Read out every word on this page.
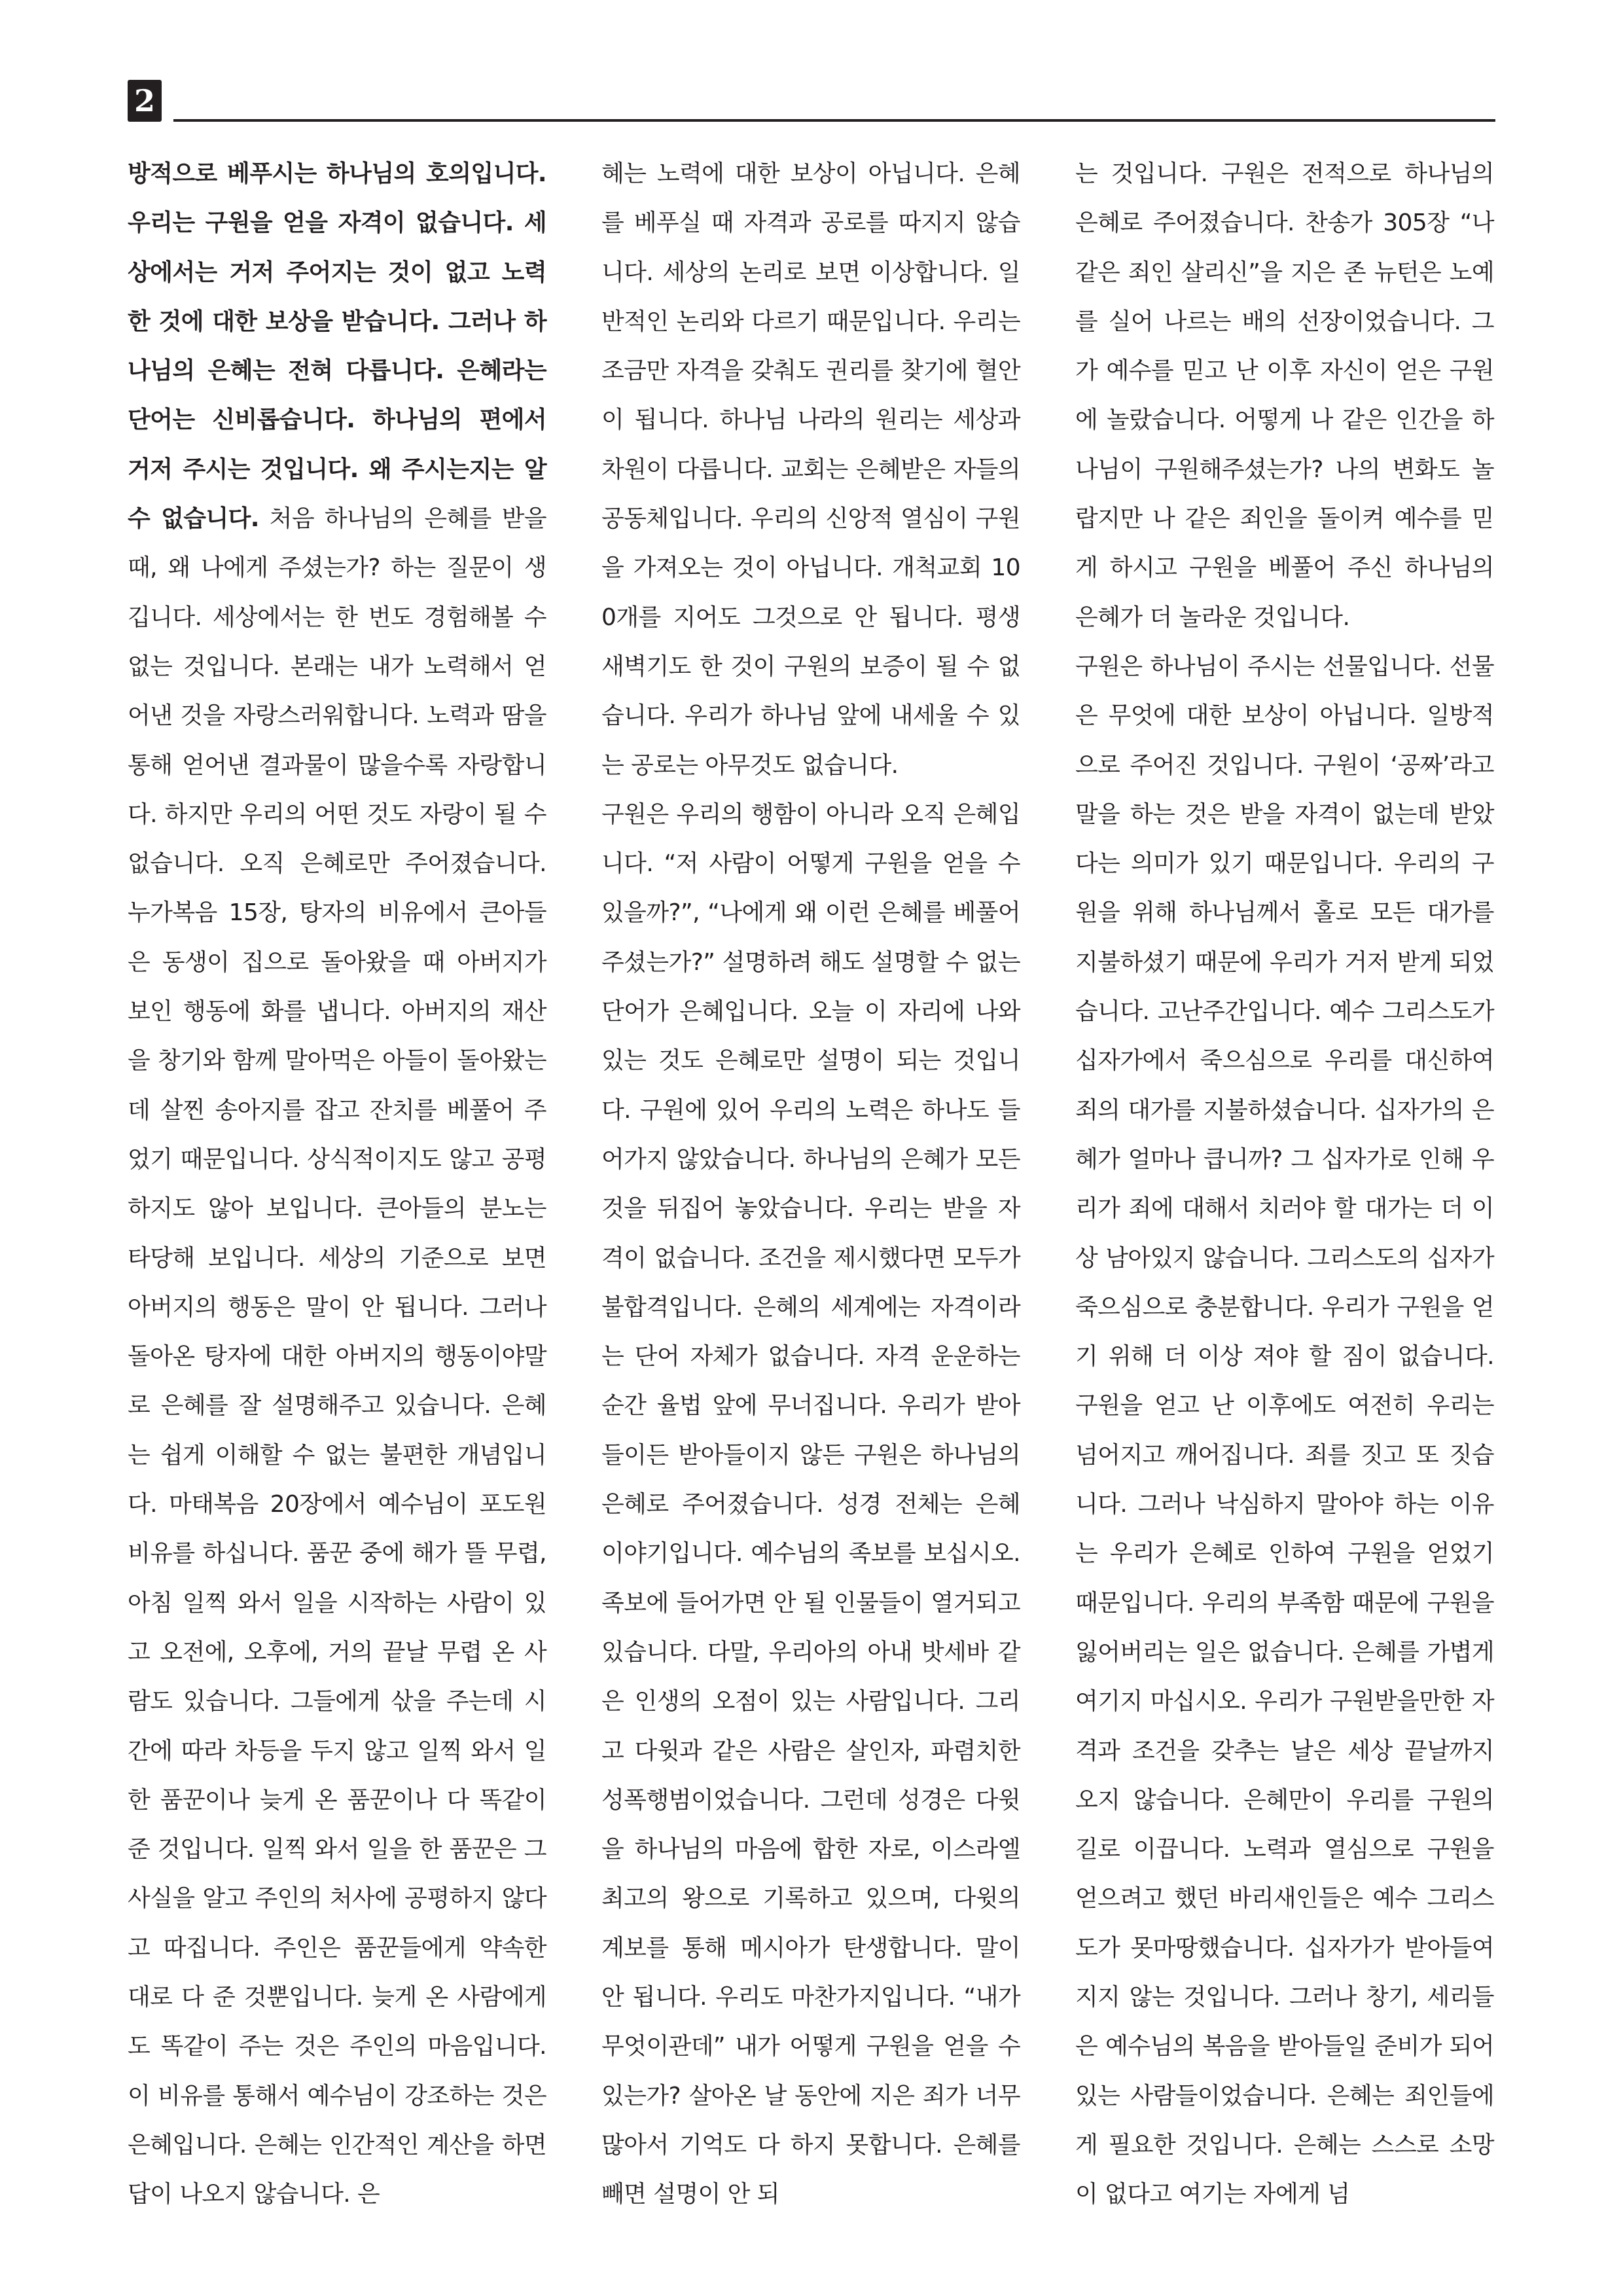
2

방적으로 베푸시는 하나님의 호의입니다. 우리는 구원을 얻을 자격이 없습니다. 세상에서는 거저 주어지는 것이 없고 노력한 것에 대한 보상을 받습니다. 그러나 하나님의 은혜는 전혀 다릅니다. 은혜라는 단어는 신비롭습니다. 하나님의 편에서 거저 주시는 것입니다. 왜 주시는지는 알 수 없습니다. 처음 하나님의 은혜를 받을 때, 왜 나에게 주셨는가? 하는 질문이 생깁니다. 세상에서는 한 번도 경험해볼 수 없는 것입니다. 본래는 내가 노력해서 얻어낸 것을 자랑스러워합니다. 노력과 땀을 통해 얻어낸 결과물이 많을수록 자랑합니다. 하지만 우리의 어떤 것도 자랑이 될 수 없습니다. 오직 은혜로만 주어졌습니다. 누가복음 15장, 탕자의 비유에서 큰아들은 동생이 집으로 돌아왔을 때 아버지가 보인 행동에 화를 냅니다. 아버지의 재산을 창기와 함께 말아먹은 아들이 돌아왔는데 살찐 송아지를 잡고 잔치를 베풀어 주었기 때문입니다. 상식적이지도 않고 공평하지도 않아 보입니다. 큰아들의 분노는 타당해 보입니다. 세상의 기준으로 보면 아버지의 행동은 말이 안 됩니다. 그러나 돌아온 탕자에 대한 아버지의 행동이야말로 은혜를 잘 설명해주고 있습니다. 은혜는 쉽게 이해할 수 없는 불편한 개념입니다. 마태복음 20장에서 예수님이 포도원 비유를 하십니다. 품꾼 중에 해가 뜰 무렵, 아침 일찍 와서 일을 시작하는 사람이 있고 오전에, 오후에, 거의 끝날 무렵 온 사람도 있습니다. 그들에게 삯을 주는데 시간에 따라 차등을 두지 않고 일찍 와서 일한 품꾼이나 늦게 온 품꾼이나 다 똑같이 준 것입니다. 일찍 와서 일을 한 품꾼은 그 사실을 알고 주인의 처사에 공평하지 않다고 따집니다. 주인은 품꾼들에게 약속한 대로 다 준 것뿐입니다. 늦게 온 사람에게도 똑같이 주는 것은 주인의 마음입니다. 이 비유를 통해서 예수님이 강조하는 것은 은혜입니다. 은혜는 인간적인 계산을 하면 답이 나오지 않습니다. 은

혜는 노력에 대한 보상이 아닙니다. 은혜를 베푸실 때 자격과 공로를 따지지 않습니다. 세상의 논리로 보면 이상합니다. 일반적인 논리와 다르기 때문입니다. 우리는 조금만 자격을 갖춰도 권리를 찾기에 혈안이 됩니다. 하나님 나라의 원리는 세상과 차원이 다릅니다. 교회는 은혜받은 자들의 공동체입니다. 우리의 신앙적 열심이 구원을 가져오는 것이 아닙니다. 개척교회 100개를 지어도 그것으로 안 됩니다. 평생 새벽기도 한 것이 구원의 보증이 될 수 없습니다. 우리가 하나님 앞에 내세울 수 있는 공로는 아무것도 없습니다.

구원은 우리의 행함이 아니라 오직 은혜입니다. “저 사람이 어떻게 구원을 얻을 수 있을까?”, “나에게 왜 이런 은혜를 베풀어 주셨는가?” 설명하려 해도 설명할 수 없는 단어가 은혜입니다. 오늘 이 자리에 나와 있는 것도 은혜로만 설명이 되는 것입니다. 구원에 있어 우리의 노력은 하나도 들어가지 않았습니다. 하나님의 은혜가 모든 것을 뒤집어 놓았습니다. 우리는 받을 자격이 없습니다. 조건을 제시했다면 모두가 불합격입니다. 은혜의 세계에는 자격이라는 단어 자체가 없습니다. 자격 운운하는 순간 율법 앞에 무너집니다. 우리가 받아들이든 받아들이지 않든 구원은 하나님의 은혜로 주어졌습니다. 성경 전체는 은혜 이야기입니다. 예수님의 족보를 보십시오. 족보에 들어가면 안 될 인물들이 열거되고 있습니다. 다말, 우리아의 아내 밧세바 같은 인생의 오점이 있는 사람입니다. 그리고 다윗과 같은 사람은 살인자, 파렴치한 성폭행범이었습니다. 그런데 성경은 다윗을 하나님의 마음에 합한 자로, 이스라엘 최고의 왕으로 기록하고 있으며, 다윗의 계보를 통해 메시아가 탄생합니다. 말이 안 됩니다. 우리도 마찬가지입니다. “내가 무엇이관데” 내가 어떻게 구원을 얻을 수 있는가? 살아온 날 동안에 지은 죄가 너무 많아서 기억도 다 하지 못합니다. 은혜를 빼면 설명이 안 되

는 것입니다. 구원은 전적으로 하나님의 은혜로 주어졌습니다. 찬송가 305장 “나 같은 죄인 살리신”을 지은 존 뉴턴은 노예를 실어 나르는 배의 선장이었습니다. 그가 예수를 믿고 난 이후 자신이 얻은 구원에 놀랐습니다. 어떻게 나 같은 인간을 하나님이 구원해주셨는가? 나의 변화도 놀랍지만 나 같은 죄인을 돌이켜 예수를 믿게 하시고 구원을 베풀어 주신 하나님의 은혜가 더 놀라운 것입니다.

구원은 하나님이 주시는 선물입니다. 선물은 무엇에 대한 보상이 아닙니다. 일방적으로 주어진 것입니다. 구원이 ‘공짜’라고 말을 하는 것은 받을 자격이 없는데 받았다는 의미가 있기 때문입니다. 우리의 구원을 위해 하나님께서 홀로 모든 대가를 지불하셨기 때문에 우리가 거저 받게 되었습니다. 고난주간입니다. 예수 그리스도가 십자가에서 죽으심으로 우리를 대신하여 죄의 대가를 지불하셨습니다. 십자가의 은혜가 얼마나 큽니까? 그 십자가로 인해 우리가 죄에 대해서 치러야 할 대가는 더 이상 남아있지 않습니다. 그리스도의 십자가 죽으심으로 충분합니다. 우리가 구원을 얻기 위해 더 이상 져야 할 짐이 없습니다. 구원을 얻고 난 이후에도 여전히 우리는 넘어지고 깨어집니다. 죄를 짓고 또 짓습니다. 그러나 낙심하지 말아야 하는 이유는 우리가 은혜로 인하여 구원을 얻었기 때문입니다. 우리의 부족함 때문에 구원을 잃어버리는 일은 없습니다. 은혜를 가볍게 여기지 마십시오. 우리가 구원받을만한 자격과 조건을 갖추는 날은 세상 끝날까지 오지 않습니다. 은혜만이 우리를 구원의 길로 이끕니다. 노력과 열심으로 구원을 얻으려고 했던 바리새인들은 예수 그리스도가 못마땅했습니다. 십자가가 받아들여지지 않는 것입니다. 그러나 창기, 세리들은 예수님의 복음을 받아들일 준비가 되어 있는 사람들이었습니다. 은혜는 죄인들에게 필요한 것입니다. 은혜는 스스로 소망이 없다고 여기는 자에게 넘
